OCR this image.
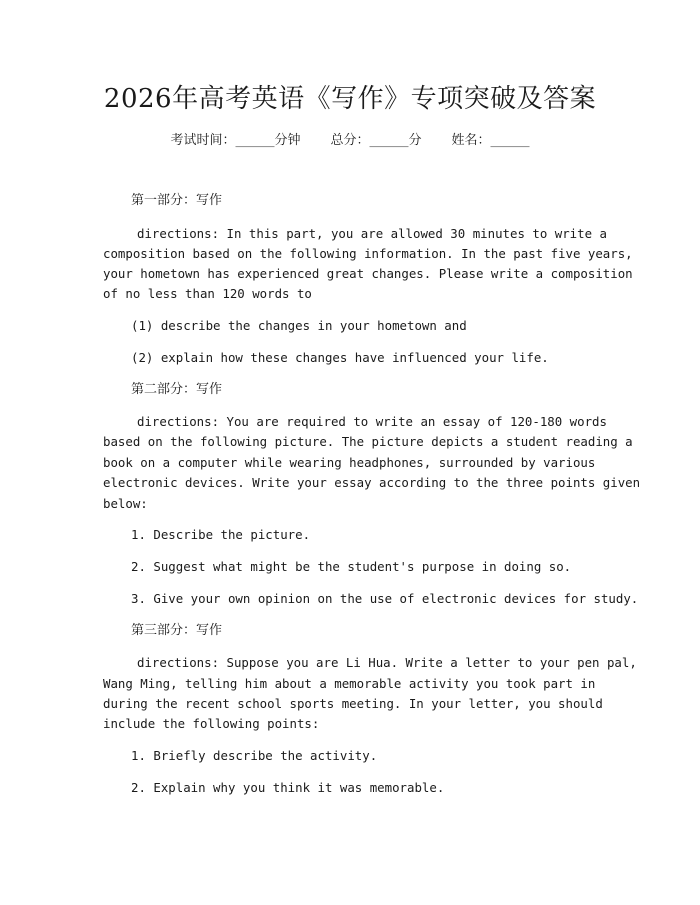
2026年高考英语《写作》专项突破及答案
考试时间：______分钟 总分：______分 姓名：______
第一部分：写作
directions: In this part, you are allowed 30 minutes to write a
composition based on the following information. In the past five years,
your hometown has experienced great changes. Please write a composition
of no less than 120 words to
(1) describe the changes in your hometown and
(2) explain how these changes have influenced your life.
第二部分：写作
directions: You are required to write an essay of 120-180 words
based on the following picture. The picture depicts a student reading a
book on a computer while wearing headphones, surrounded by various
electronic devices. Write your essay according to the three points given
below:
1. Describe the picture.
2. Suggest what might be the student's purpose in doing so.
3. Give your own opinion on the use of electronic devices for study.
第三部分：写作
directions: Suppose you are Li Hua. Write a letter to your pen pal,
Wang Ming, telling him about a memorable activity you took part in
during the recent school sports meeting. In your letter, you should
include the following points:
1. Briefly describe the activity.
2. Explain why you think it was memorable.
